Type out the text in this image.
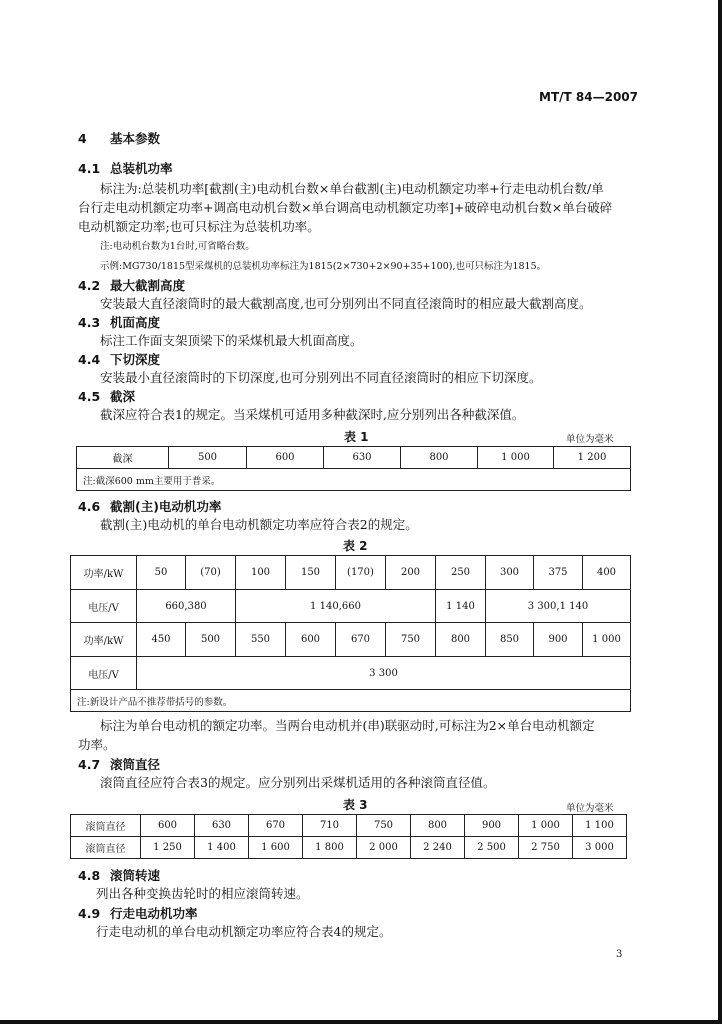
MT/T 84—2007
4 基本参数
4.1 总装机功率
标注为:总装机功率[截割(主)电动机台数×单台截割(主)电动机额定功率+行走电动机台数/单
台行走电动机额定功率+调高电动机台数×单台调高电动机额定功率]+破碎电动机台数×单台破碎
电动机额定功率;也可只标注为总装机功率。
注:电动机台数为1台时,可省略台数。
示例:MG730/1815型采煤机的总装机功率标注为1815(2×730+2×90+35+100),也可只标注为1815。
4.2 最大截割高度
安装最大直径滚筒时的最大截割高度,也可分别列出不同直径滚筒时的相应最大截割高度。
4.3 机面高度
标注工作面支架顶梁下的采煤机最大机面高度。
4.4 下切深度
安装最小直径滚筒时的下切深度,也可分别列出不同直径滚筒时的相应下切深度。
4.5 截深
截深应符合表1的规定。当采煤机可适用多种截深时,应分别列出各种截深值。
表 1	单位为毫米
截深	500	600	630	800	1 000	1 200
注:截深600 mm主要用于普采。
4.6 截割(主)电动机功率
截割(主)电动机的单台电动机额定功率应符合表2的规定。
表 2
功率/kW	50	(70)	100	150	(170)	200	250	300	375	400
电压/V	660,380		1 140,660				1 140	3 300,1 140		
功率/kW	450	500	550	600	670	750	800	850	900	1 000
电压/V	3 300									
注:新设计产品不推荐带括号的参数。										
标注为单台电动机的额定功率。当两台电动机并(串)联驱动时,可标注为2×单台电动机额定
功率。
4.7 滚筒直径
滚筒直径应符合表3的规定。应分别列出采煤机适用的各种滚筒直径值。
表 3	单位为毫米
滚筒直径	600	630	670	710	750	800	900	1 000	1 100
滚筒直径	1 250	1 400	1 600	1 800	2 000	2 240	2 500	2 750	3 000
4.8 滚筒转速
列出各种变换齿轮时的相应滚筒转速。
4.9 行走电动机功率
行走电动机的单台电动机额定功率应符合表4的规定。
3
